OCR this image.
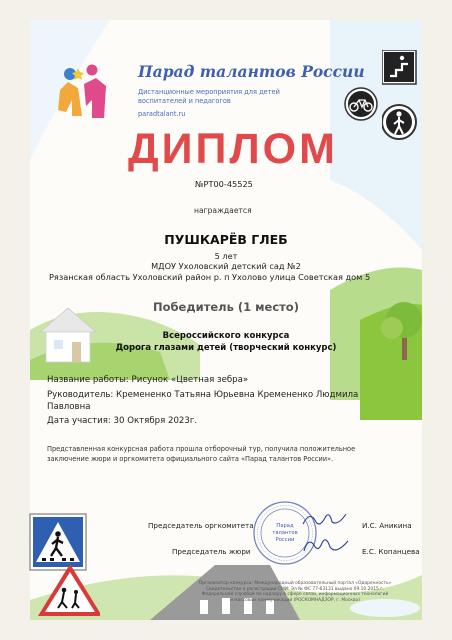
Парад талантов России
Дистанционные мероприятия для детей
воспитателей и педагогов
paradtalant.ru
ДИПЛОМ
№РТ00-45525
награждается
ПУШКАРЁВ ГЛЕБ
5 лет
МДОУ Ухоловский детский сад №2
Рязанская область Ухоловский район р. п Ухолово улица Советская дом 5
Победитель (1 место)
Всероссийского конкурса
Дорога глазами детей (творческий конкурс)
Название работы: Рисунок «Цветная зебра»
Руководитель: Кремененко Татьяна Юрьевна Кремененко Людмила
Павловна
Дата участия: 30 Октября 2023г.
Представленная конкурсная работа прошла отборочный тур, получила положительное
заключение жюри и оргкомитета официального сайта «Парад талантов России».
Парад
талантов
России
Председатель оргкомитета	И.С. Аникина
Председатель жюри	Е.С. Копанцева
Организатор конкурса: Международный образовательный портал «Одаренность»
Свидетельство о регистрации СМИ: Эл № ФС 77-63131 выдано 09.10.2015 г.
Федеральной службой по надзору в сфере связи, информационных технологий
и массовых коммуникаций (РОСКОМНАДЗОР, г. Москва)
